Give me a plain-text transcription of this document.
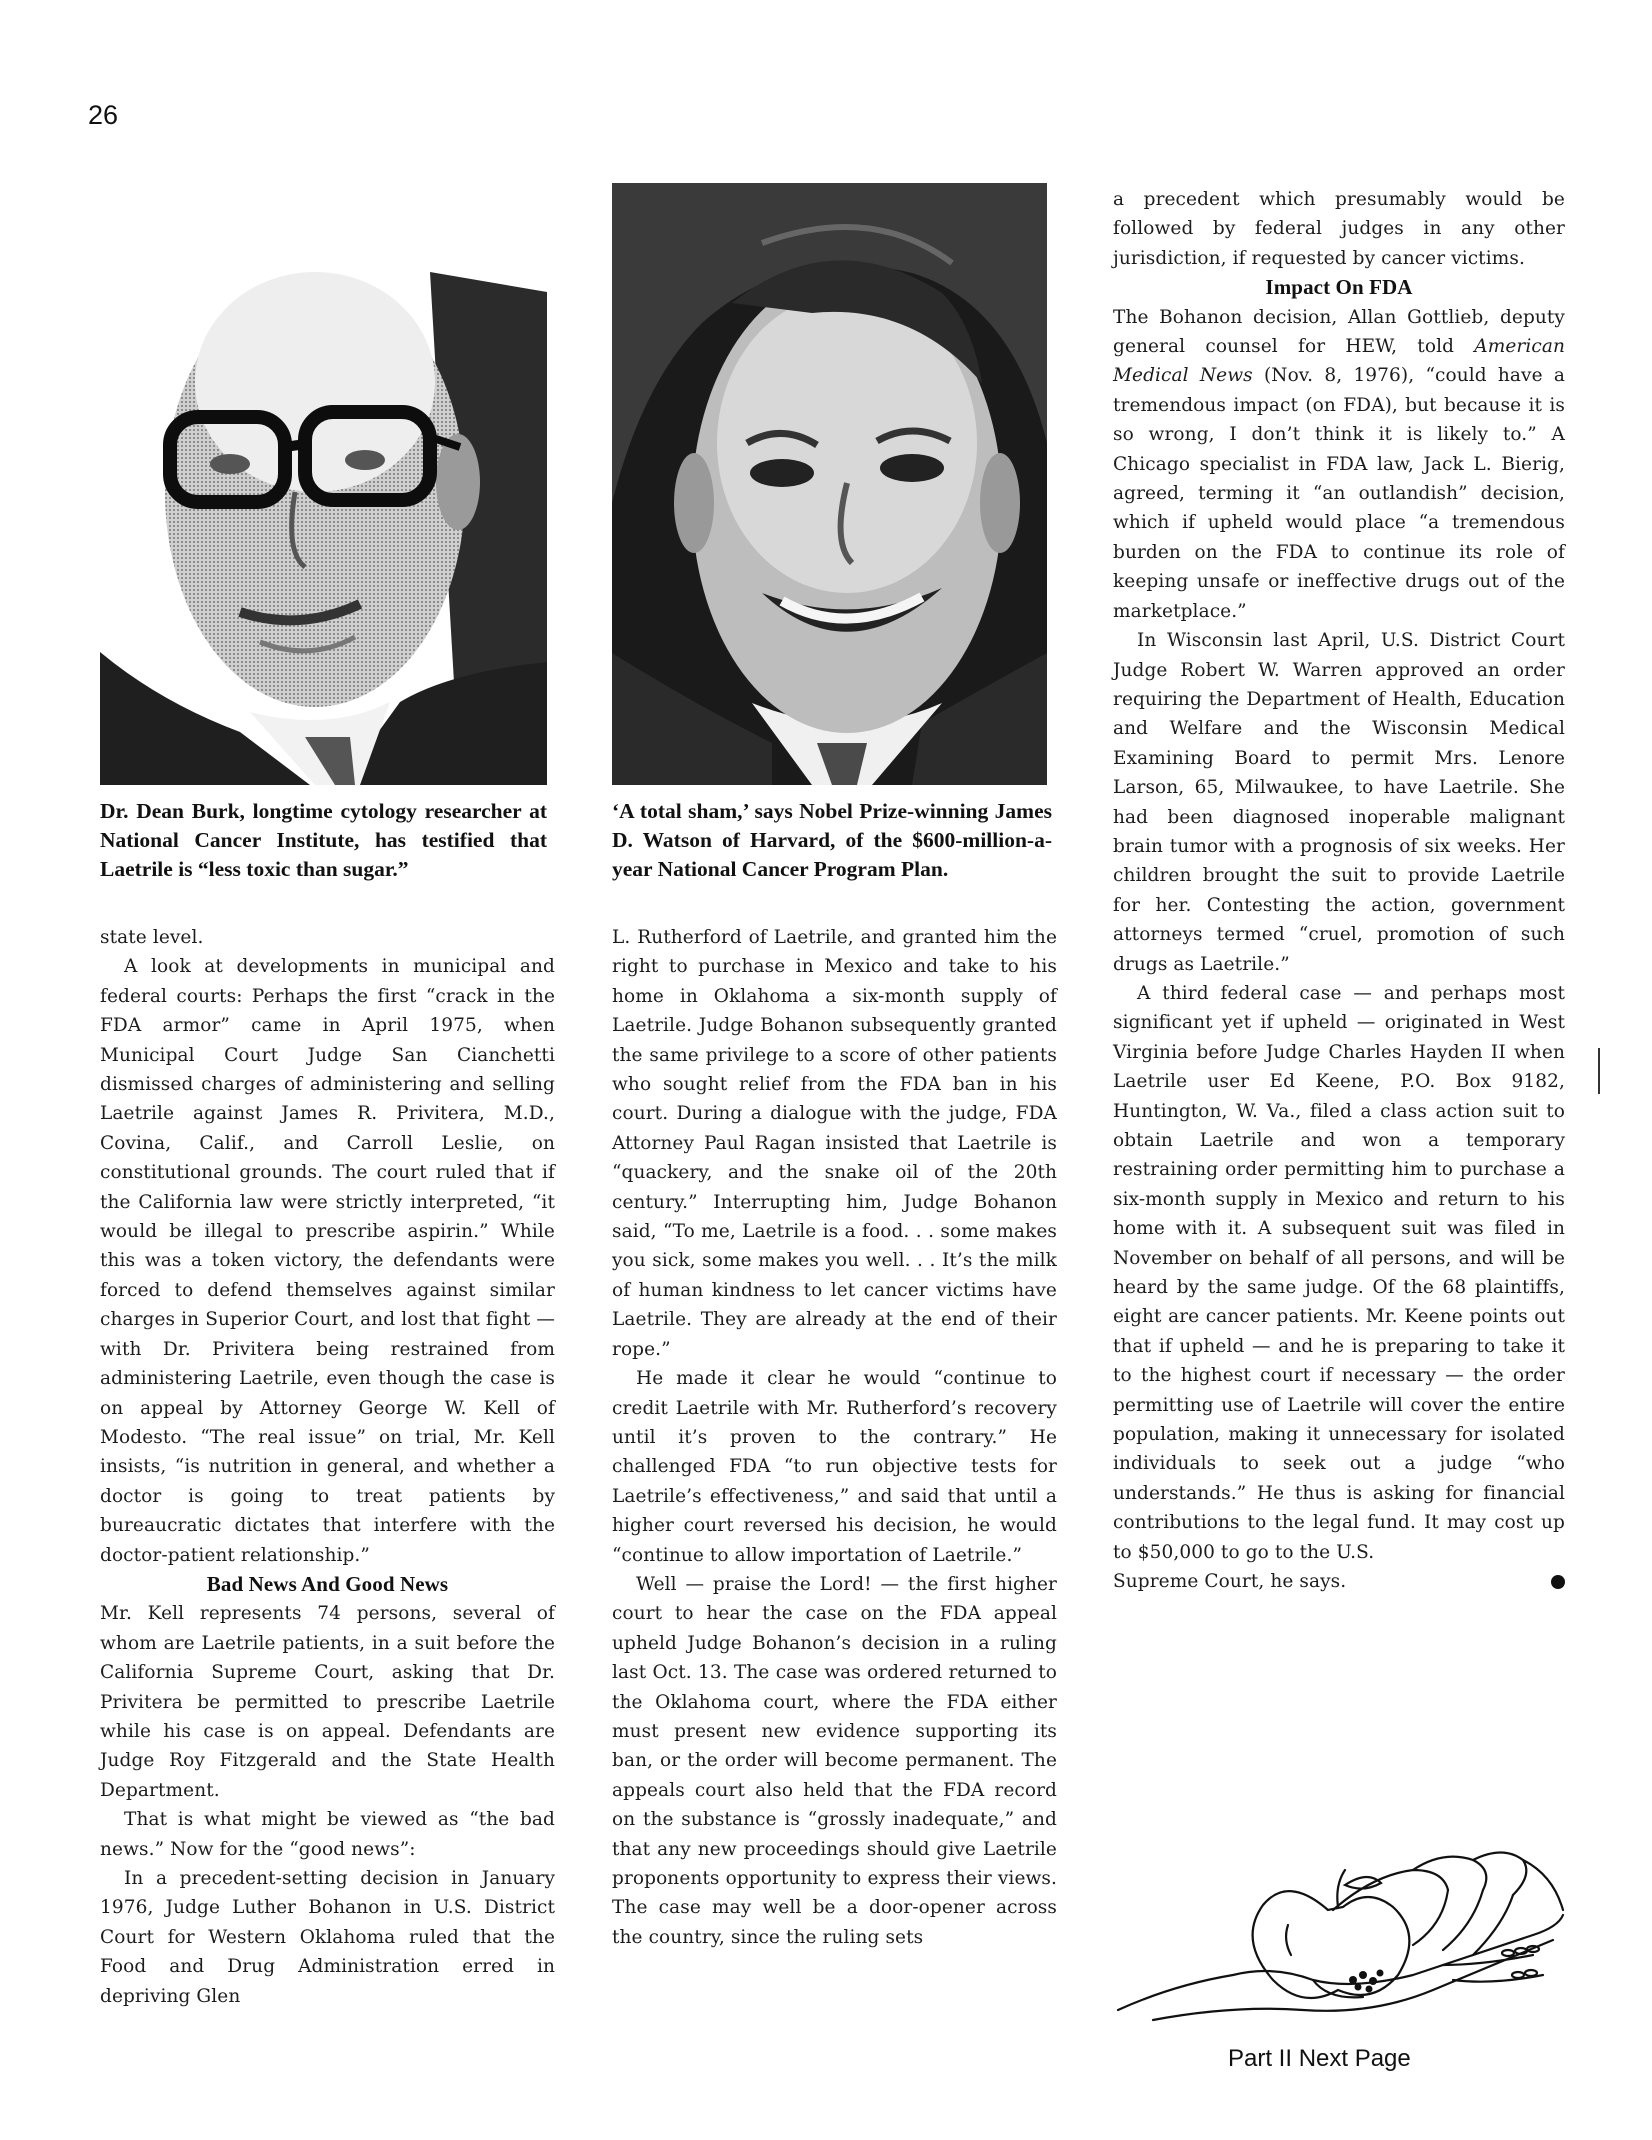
26
Dr. Dean Burk, longtime cytology researcher at National Cancer Institute, has testified that Laetrile is “less toxic than sugar.”
‘A total sham,’ says Nobel Prize-winning James D. Watson of Harvard, of the $600-million-a-year National Cancer Program Plan.

state level.

A look at developments in municipal and federal courts: Perhaps the first “crack in the FDA armor” came in April 1975, when Municipal Court Judge San Cianchetti dismissed charges of administering and selling Laetrile against James R. Privitera, M.D., Covina, Calif., and Carroll Leslie, on constitutional grounds. The court ruled that if the California law were strictly interpreted, “it would be illegal to prescribe aspirin.” While this was a token victory, the defendants were forced to defend themselves against similar charges in Superior Court, and lost that fight — with Dr. Privitera being restrained from administering Laetrile, even though the case is on appeal by Attorney George W. Kell of Modesto. “The real issue” on trial, Mr. Kell insists, “is nutrition in general, and whether a doctor is going to treat patients by bureaucratic dictates that interfere with the doctor-patient relationship.”

Bad News And Good News

Mr. Kell represents 74 persons, several of whom are Laetrile patients, in a suit before the California Supreme Court, asking that Dr. Privitera be permitted to prescribe Laetrile while his case is on appeal. Defendants are Judge Roy Fitzgerald and the State Health Department.

That is what might be viewed as “the bad news.” Now for the “good news”:

In a precedent-setting decision in January 1976, Judge Luther Bohanon in U.S. District Court for Western Oklahoma ruled that the Food and Drug Administration erred in depriving Glen

L. Rutherford of Laetrile, and granted him the right to purchase in Mexico and take to his home in Oklahoma a six-month supply of Laetrile. Judge Bohanon subsequently granted the same privilege to a score of other patients who sought relief from the FDA ban in his court. During a dialogue with the judge, FDA Attorney Paul Ragan insisted that Laetrile is “quackery, and the snake oil of the 20th century.” Interrupting him, Judge Bohanon said, “To me, Laetrile is a food. . . some makes you sick, some makes you well. . . It’s the milk of human kindness to let cancer victims have Laetrile. They are already at the end of their rope.”

He made it clear he would “continue to credit Laetrile with Mr. Rutherford’s recovery until it’s proven to the contrary.” He challenged FDA “to run objective tests for Laetrile’s effectiveness,” and said that until a higher court reversed his decision, he would “continue to allow importation of Laetrile.”

Well — praise the Lord! — the first higher court to hear the case on the FDA appeal upheld Judge Bohanon’s decision in a ruling last Oct. 13. The case was ordered returned to the Oklahoma court, where the FDA either must present new evidence supporting its ban, or the order will become permanent. The appeals court also held that the FDA record on the substance is “grossly inadequate,” and that any new proceedings should give Laetrile proponents opportunity to express their views. The case may well be a door-opener across the country, since the ruling sets

a precedent which presumably would be followed by federal judges in any other jurisdiction, if requested by cancer victims.

Impact On FDA

The Bohanon decision, Allan Gottlieb, deputy general counsel for HEW, told American Medical News (Nov. 8, 1976), “could have a tremendous impact (on FDA), but because it is so wrong, I don’t think it is likely to.” A Chicago specialist in FDA law, Jack L. Bierig, agreed, terming it “an outlandish” decision, which if upheld would place “a tremendous burden on the FDA to continue its role of keeping unsafe or ineffective drugs out of the marketplace.”

In Wisconsin last April, U.S. District Court Judge Robert W. Warren approved an order requiring the Department of Health, Education and Welfare and the Wisconsin Medical Examining Board to permit Mrs. Lenore Larson, 65, Milwaukee, to have Laetrile. She had been diagnosed inoperable malignant brain tumor with a prognosis of six weeks. Her children brought the suit to provide Laetrile for her. Contesting the action, government attorneys termed “cruel, promotion of such drugs as Laetrile.”

A third federal case — and perhaps most significant yet if upheld — originated in West Virginia before Judge Charles Hayden II when Laetrile user Ed Keene, P.O. Box 9182, Huntington, W. Va., filed a class action suit to obtain Laetrile and won a temporary restraining order permitting him to purchase a six-month supply in Mexico and return to his home with it. A subsequent suit was filed in November on behalf of all persons, and will be heard by the same judge. Of the 68 plaintiffs, eight are cancer patients. Mr. Keene points out that if upheld — and he is preparing to take it to the highest court if necessary — the order permitting use of Laetrile will cover the entire population, making it unnecessary for isolated individuals to seek out a judge “who understands.” He thus is asking for financial contributions to the legal fund. It may cost up to $50,000 to go to the U.S.

Supreme Court, he says.
Part II Next Page
